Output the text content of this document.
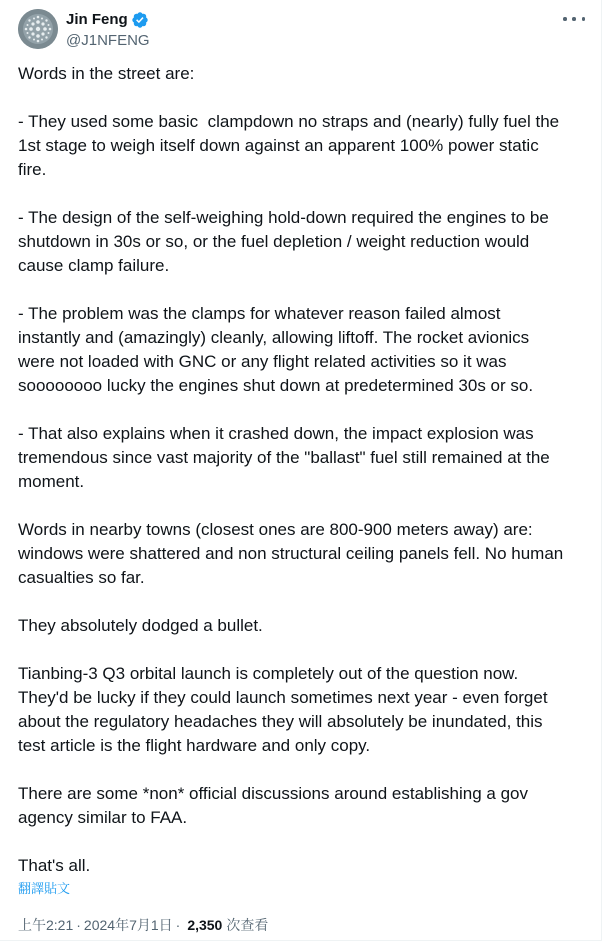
Jin Feng
@J1NFENG

Words in the street are:

- They used some basic  clampdown no straps and (nearly) fully fuel the
1st stage to weigh itself down against an apparent 100% power static
fire.

- The design of the self-weighing hold-down required the engines to be
shutdown in 30s or so, or the fuel depletion / weight reduction would
cause clamp failure.

- The problem was the clamps for whatever reason failed almost
instantly and (amazingly) cleanly, allowing liftoff. The rocket avionics
were not loaded with GNC or any flight related activities so it was
soooooooo lucky the engines shut down at predetermined 30s or so.

- That also explains when it crashed down, the impact explosion was
tremendous since vast majority of the "ballast" fuel still remained at the
moment.

Words in nearby towns (closest ones are 800-900 meters away) are:
windows were shattered and non structural ceiling panels fell. No human
casualties so far.

They absolutely dodged a bullet.

Tianbing-3 Q3 orbital launch is completely out of the question now.
They'd be lucky if they could launch sometimes next year - even forget
about the regulatory headaches they will absolutely be inundated, this
test article is the flight hardware and only copy.

There are some *non* official discussions around establishing a gov
agency similar to FAA.

That's all.

翻譯貼文
上午2:21 · 2024年7月1日 · 2,350 次查看
